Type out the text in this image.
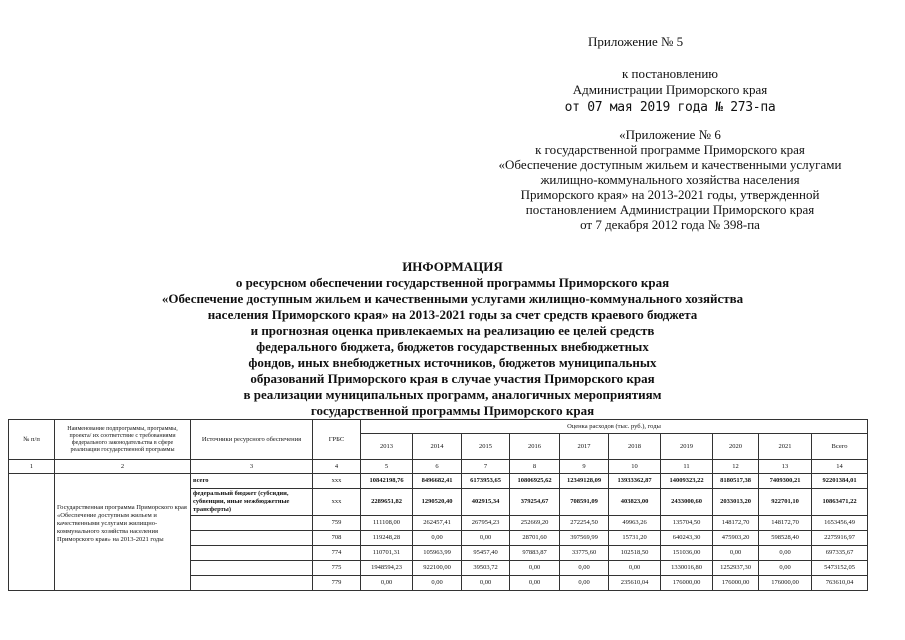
Приложение № 5
к постановлению
Администрации Приморского края
от 07 мая 2019 года № 273-па
«Приложение № 6
к государственной программе Приморского края
«Обеспечение доступным жильем и качественными услугами
жилищно-коммунального хозяйства населения
Приморского края» на 2013-2021 годы, утвержденной
постановлением Администрации Приморского края
от 7 декабря 2012 года № 398-па
ИНФОРМАЦИЯ
о ресурсном обеспечении государственной программы Приморского края
«Обеспечение доступным жильем и качественными услугами жилищно-коммунального хозяйства
населения Приморского края» на 2013-2021 годы за счет средств краевого бюджета
и прогнозная оценка привлекаемых на реализацию ее целей средств
федерального бюджета, бюджетов государственных внебюджетных
фондов, иных внебюджетных источников, бюджетов муниципальных
образований Приморского края в случае участия Приморского края
в реализации муниципальных программ, аналогичных мероприятиям
государственной программы Приморского края
№ п/п	Наименование подпрограммы, программы, проекта/ их соответствие с требованиями федерального законодательства в сфере реализации государственной программы	Источники ресурсного обеспечения	ГРБС	Оценка расходов (тыс. руб.), годы									
				2013	2014	2015	2016	2017	2018	2019	2020	2021	Всего
1	2	3	4	5	6	7	8	9	10	11	12	13	14
	Государственная программа Приморского края «Обеспечение доступным жильем и качественными услугами жилищно-коммунального хозяйства населения Приморского края» на 2013-2021 годы	всего	xxx	10842198,76	8496682,41	6173953,65	10806925,62	12349128,09	13933362,87	14009323,22	8180517,38	7409300,21	92201384,01
		федеральный бюджет (субсидии, субвенции, иные межбюджетные трансферты)	xxx	2289651,82	1290520,40	402915,34	379254,67	708591,09	403823,00	2433000,60	2033013,20	922701,10	10863471,22
			759	111108,00	262457,41	267954,23	252669,20	272254,50	49963,26	135704,50	148172,70	148172,70	1653456,49
			708	119248,28	0,00	0,00	28701,60	397569,99	15731,20	640243,30	475903,20	598528,40	2275916,97
			774	110701,31	105963,99	95457,40	97883,87	33775,60	102518,50	151036,00	0,00	0,00	697335,67
			775	1948594,23	922100,00	39503,72	0,00	0,00	0,00	1330016,80	1252937,30	0,00	5473152,05
			779	0,00	0,00	0,00	0,00	0,00	235610,04	176000,00	176000,00	176000,00	763610,04
